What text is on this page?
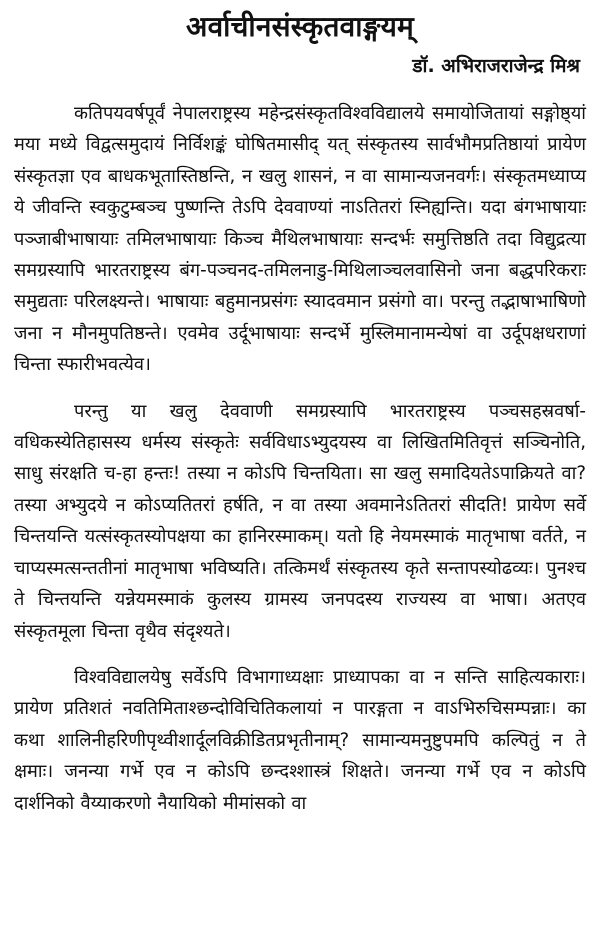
अर्वाचीनसंस्कृतवाङ्गयम्
डॉ. अभिराजराजेन्द्र मिश्र

कतिपयवर्षपूर्वं नेपालराष्ट्रस्य महेन्द्रसंस्कृतविश्वविद्यालये समायोजितायां सङ्गोष्ठ्यां मया मध्ये विद्वत्समुदायं निर्विशङ्कं घोषितमासीद् यत् संस्कृतस्य सार्वभौमप्रतिष्ठायां प्रायेण संस्कृतज्ञा एव बाधकभूतास्तिष्ठन्ति, न खलु शासनं, न वा सामान्यजनवर्गः। संस्कृतमध्याप्य ये जीवन्ति स्वकुटुम्बञ्च पुष्णन्ति तेऽपि देववाण्यां नाऽतितरां स्निह्यन्ति। यदा बंगभाषायाः पञ्जाबीभाषायाः तमिलभाषायाः किञ्च मैथिलभाषायाः सन्दर्भः समुत्तिष्ठति तदा विद्युद्रत्या समग्रस्यापि भारतराष्ट्रस्य बंग-पञ्चनद-तमिलनाडु-मिथिलाञ्चलवासिनो जना बद्धपरिकराः समुद्यताः परिलक्ष्यन्ते। भाषायाः बहुमानप्रसंगः स्यादवमान प्रसंगो वा। परन्तु तद्भाषाभाषिणो जना न मौनमुपतिष्ठन्ते। एवमेव उर्दूभाषायाः सन्दर्भे मुस्लिमानामन्येषां वा उर्दूपक्षधराणां चिन्ता स्फारीभवत्येव।

परन्तु या खलु देववाणी समग्रस्यापि भारतराष्ट्रस्य पञ्चसहस्रवर्षा-वधिकस्येतिहासस्य धर्मस्य संस्कृतेः सर्वविधाऽभ्युदयस्य वा लिखितमितिवृत्तं सञ्चिनोति, साधु संरक्षति च-हा हन्तः! तस्या न कोऽपि चिन्तयिता। सा खलु समादियतेऽपाक्रियते वा? तस्या अभ्युदये न कोऽप्यतितरां हर्षति, न वा तस्या अवमानेऽतितरां सीदति! प्रायेण सर्वे चिन्तयन्ति यत्संस्कृतस्योपक्षया का हानिरस्माकम्। यतो हि नेयमस्माकं मातृभाषा वर्तते, न चाप्यस्मत्सन्ततीनां मातृभाषा भविष्यति। तत्किमर्थं संस्कृतस्य कृते सन्तापस्योढव्यः। पुनश्च ते चिन्तयन्ति यन्नेयमस्माकं कुलस्य ग्रामस्य जनपदस्य राज्यस्य वा भाषा। अतएव संस्कृतमूला चिन्ता वृथैव संदृश्यते।

विश्वविद्यालयेषु सर्वेऽपि विभागाध्यक्षाः प्राध्यापका वा न सन्ति साहित्यकाराः। प्रायेण प्रतिशतं नवतिमिताश्छन्दोविचितिकलायां न पारङ्गता न वाऽभिरुचिसम्पन्नाः। का कथा शालिनीहरिणीपृथ्वीशार्दूलविक्रीडितप्रभृतीनाम्? सामान्यमनुष्टुपमपि कल्पितुं न ते क्षमाः। जनन्या गर्भे एव न कोऽपि छन्दश्शास्त्रं शिक्षते। जनन्या गर्भे एव न कोऽपि दार्शनिको वैय्याकरणो नैयायिको मीमांसको वा
